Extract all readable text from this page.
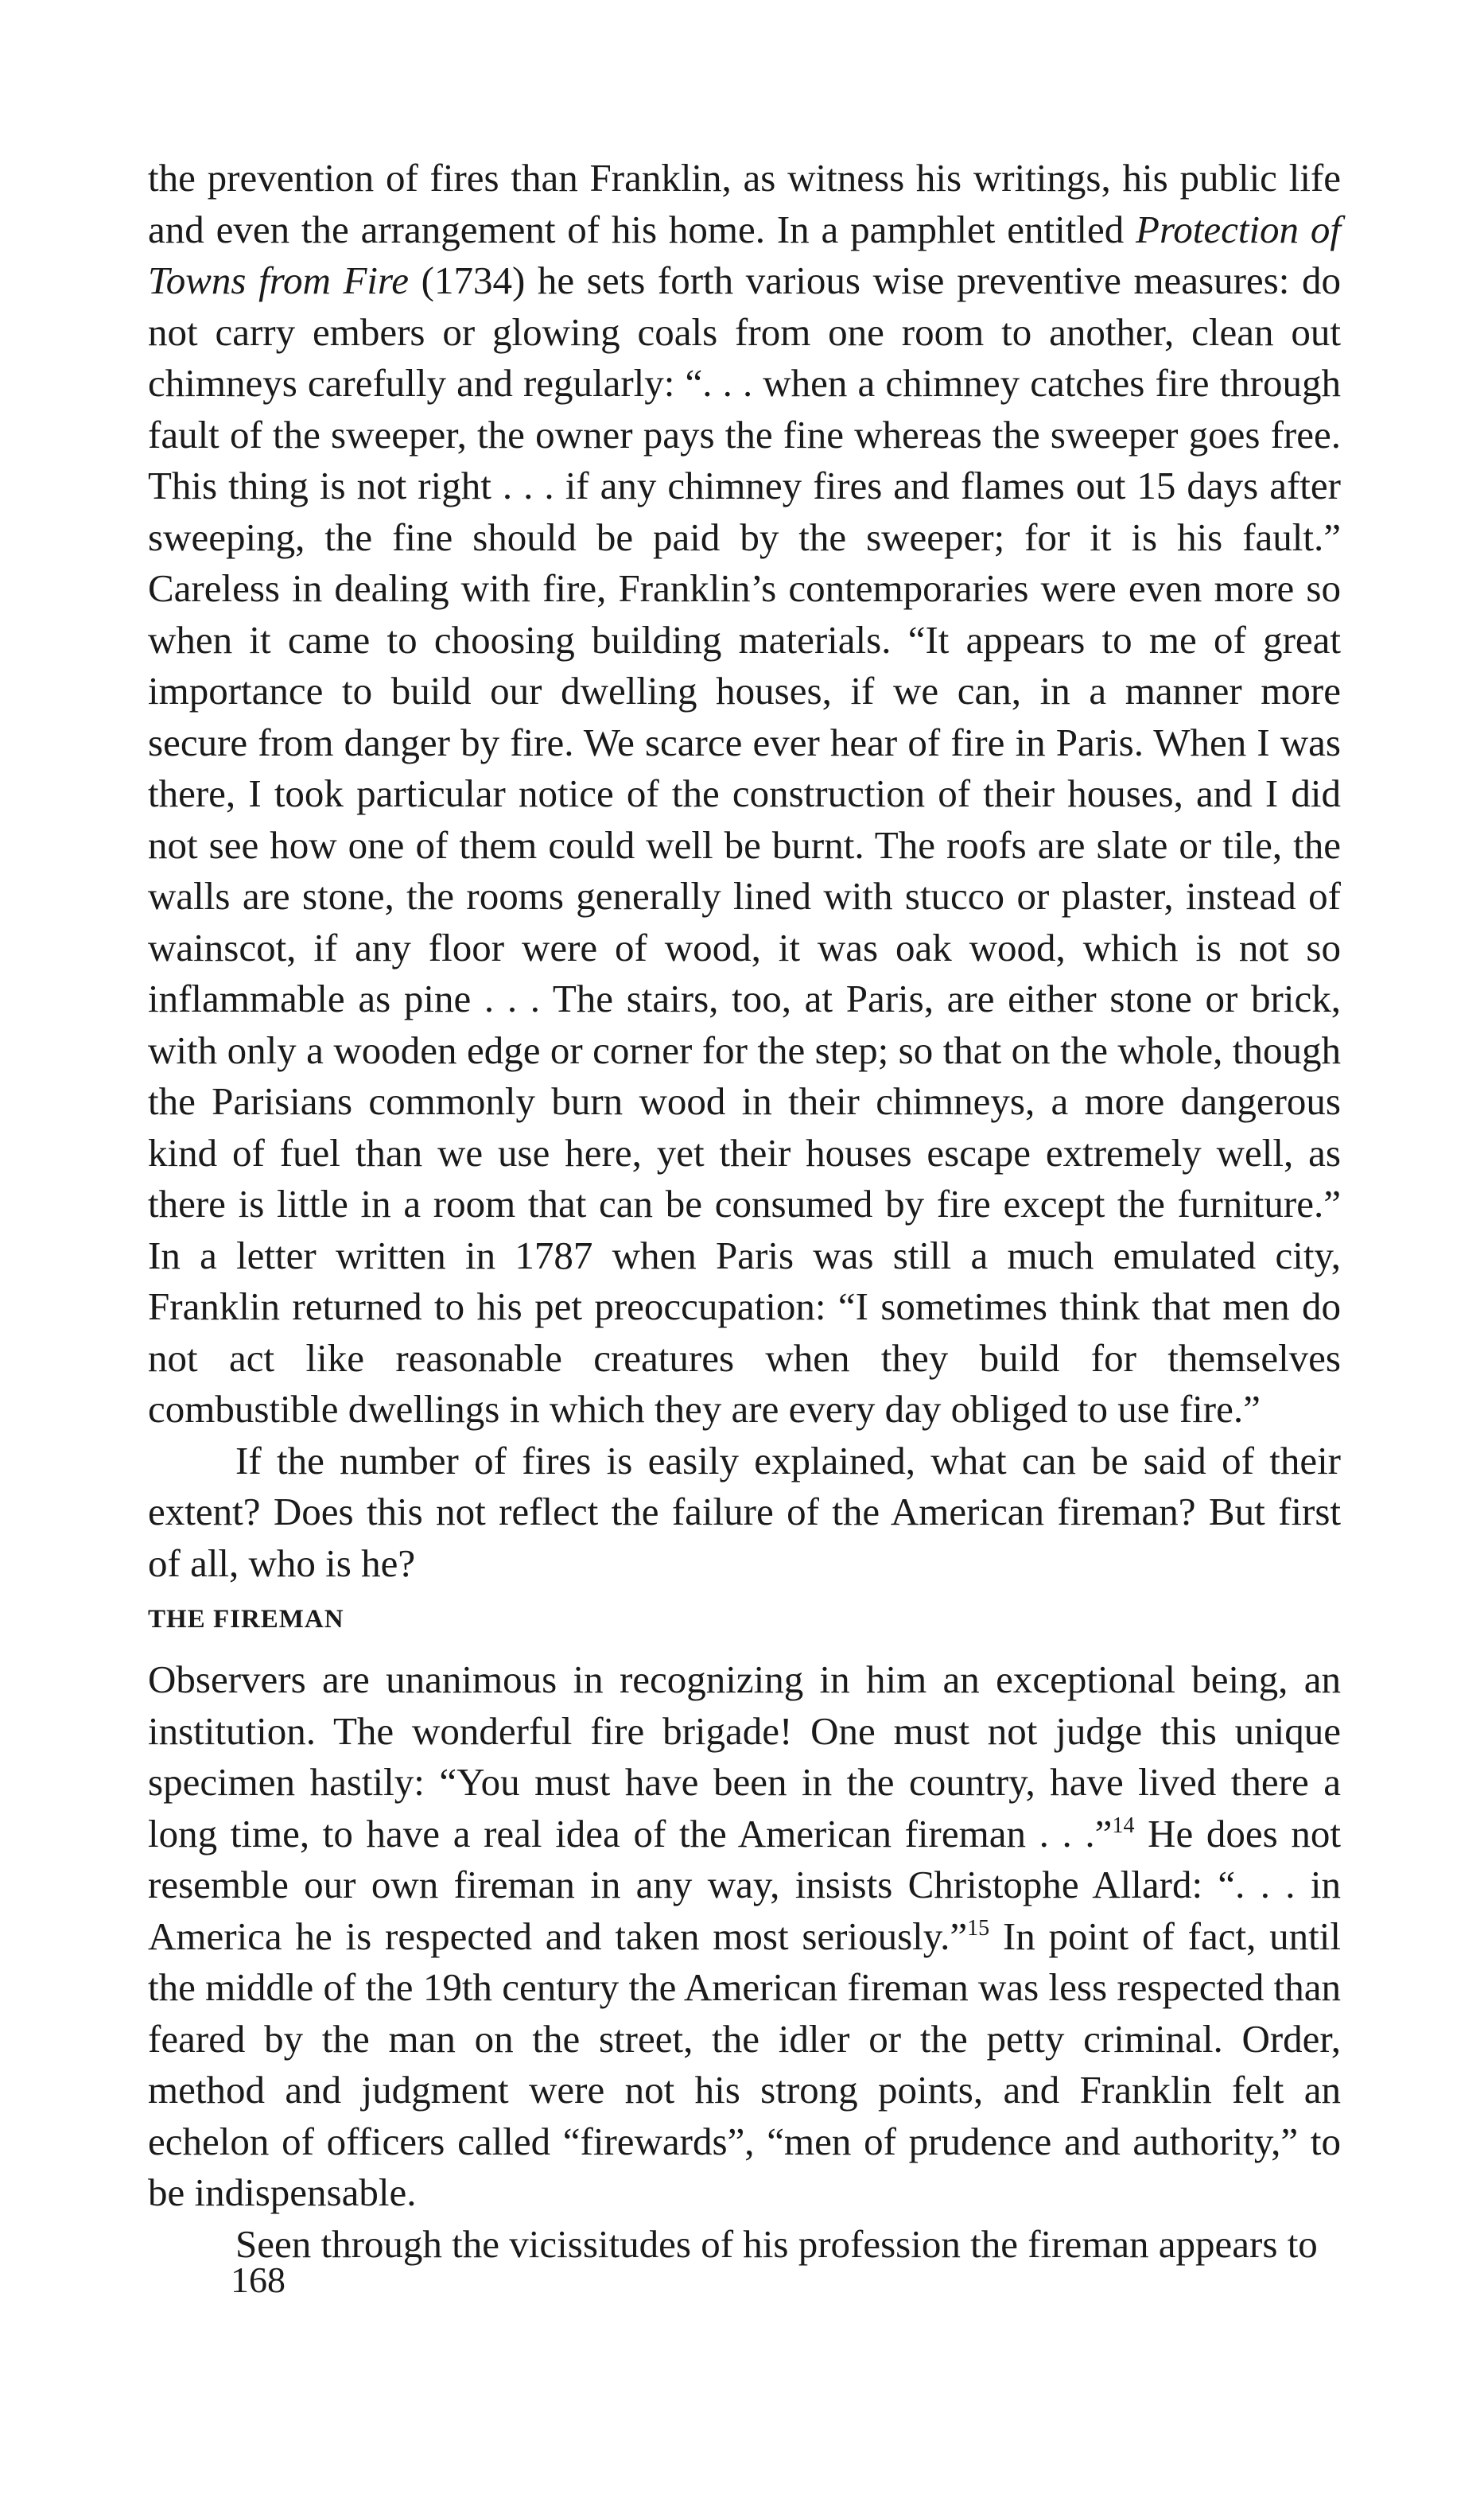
the prevention of fires than Franklin, as witness his writings, his public life and even the arrangement of his home. In a pamphlet entitled Protection of Towns from Fire (1734) he sets forth various wise preventive measures: do not carry embers or glowing coals from one room to another, clean out chimneys carefully and regularly: “. . . when a chimney catches fire through fault of the sweeper, the owner pays the fine whereas the sweeper goes free. This thing is not right . . . if any chimney fires and flames out 15 days after sweeping, the fine should be paid by the sweeper; for it is his fault.” Careless in dealing with fire, Franklin’s contemporaries were even more so when it came to choosing building materials. “It appears to me of great importance to build our dwelling houses, if we can, in a manner more secure from danger by fire. We scarce ever hear of fire in Paris. When I was there, I took particular notice of the construction of their houses, and I did not see how one of them could well be burnt. The roofs are slate or tile, the walls are stone, the rooms generally lined with stucco or plaster, instead of wainscot, if any floor were of wood, it was oak wood, which is not so inflammable as pine . . . The stairs, too, at Paris, are either stone or brick, with only a wooden edge or corner for the step; so that on the whole, though the Parisians commonly burn wood in their chimneys, a more dangerous kind of fuel than we use here, yet their houses escape extremely well, as there is little in a room that can be consumed by fire except the furniture.” In a letter written in 1787 when Paris was still a much emulated city, Franklin returned to his pet preoccupation: “I sometimes think that men do not act like reasonable creatures when they build for themselves combustible dwellings in which they are every day obliged to use fire.”

If the number of fires is easily explained, what can be said of their extent? Does this not reflect the failure of the American fireman? But first of all, who is he?

THE FIREMAN

Observers are unanimous in recognizing in him an exceptional being, an institution. The wonderful fire brigade! One must not judge this unique specimen hastily: “You must have been in the country, have lived there a long time, to have a real idea of the American fireman . . .”$^{14}$ He does not resemble our own fireman in any way, insists Christophe Allard: “. . . in America he is respected and taken most seriously.”$^{15}$ In point of fact, until the middle of the 19th century the American fireman was less respected than feared by the man on the street, the idler or the petty criminal. Order, method and judgment were not his strong points, and Franklin felt an echelon of officers called “firewards”, “men of prudence and authority,” to be indispensable.

Seen through the vicissitudes of his profession the fireman appears to

168
